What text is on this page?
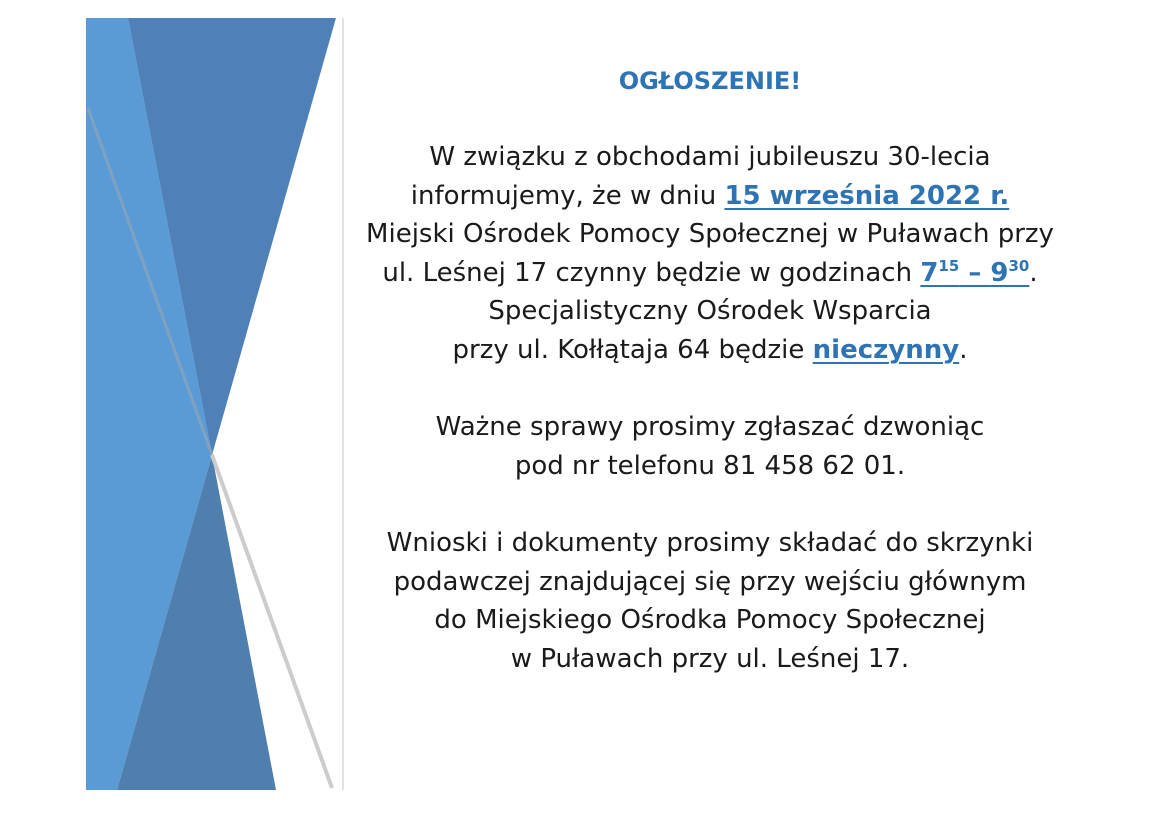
OGŁOSZENIE!

W związku z obchodami jubileuszu 30-lecia
informujemy, że w dniu 15 września 2022 r.
Miejski Ośrodek Pomocy Społecznej w Puławach przy
ul. Leśnej 17 czynny będzie w godzinach $7^{15} - 9^{30}$.
Specjalistyczny Ośrodek Wsparcia
przy ul. Kołłątaja 64 będzie nieczynny.

Ważne sprawy prosimy zgłaszać dzwoniąc
pod nr telefonu 81 458 62 01.

Wnioski i dokumenty prosimy składać do skrzynki
podawczej znajdującej się przy wejściu głównym
do Miejskiego Ośrodka Pomocy Społecznej
w Puławach przy ul. Leśnej 17.
